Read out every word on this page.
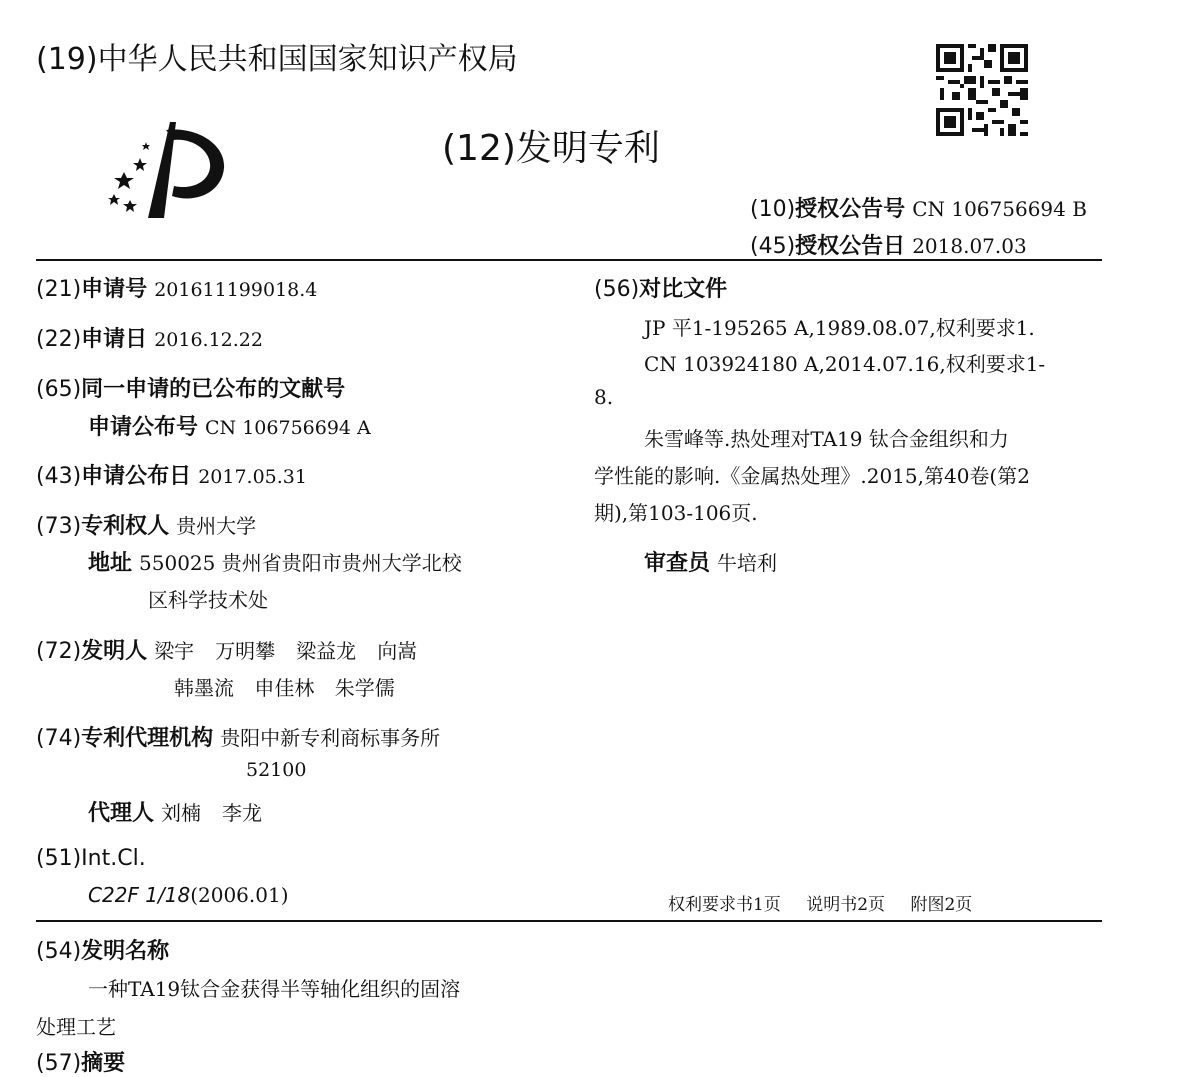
(19)中华人民共和国国家知识产权局
(12)发明专利
(10)授权公告号 CN 106756694 B
(45)授权公告日 2018.07.03
(21)申请号 201611199018.4
(22)申请日 2016.12.22
(65)同一申请的已公布的文献号
申请公布号 CN 106756694 A
(43)申请公布日 2017.05.31
(73)专利权人 贵州大学
地址 550025 贵州省贵阳市贵州大学北校
区科学技术处
(72)发明人 梁宇 万明攀 梁益龙 向嵩
韩墨流 申佳林 朱学儒
(74)专利代理机构 贵阳中新专利商标事务所
52100
代理人 刘楠 李龙
(51)Int.Cl.
C22F 1/18(2006.01)
(56)对比文件
JP 平1-195265 A,1989.08.07,权利要求1.
CN 103924180 A,2014.07.16,权利要求1-
8.
朱雪峰等.热处理对TA19 钛合金组织和力
学性能的影响.《金属热处理》.2015,第40卷(第2
期),第103-106页.
审查员 牛培利
权利要求书1页 说明书2页 附图2页
(54)发明名称
一种TA19钛合金获得半等轴化组织的固溶
处理工艺
(57)摘要
